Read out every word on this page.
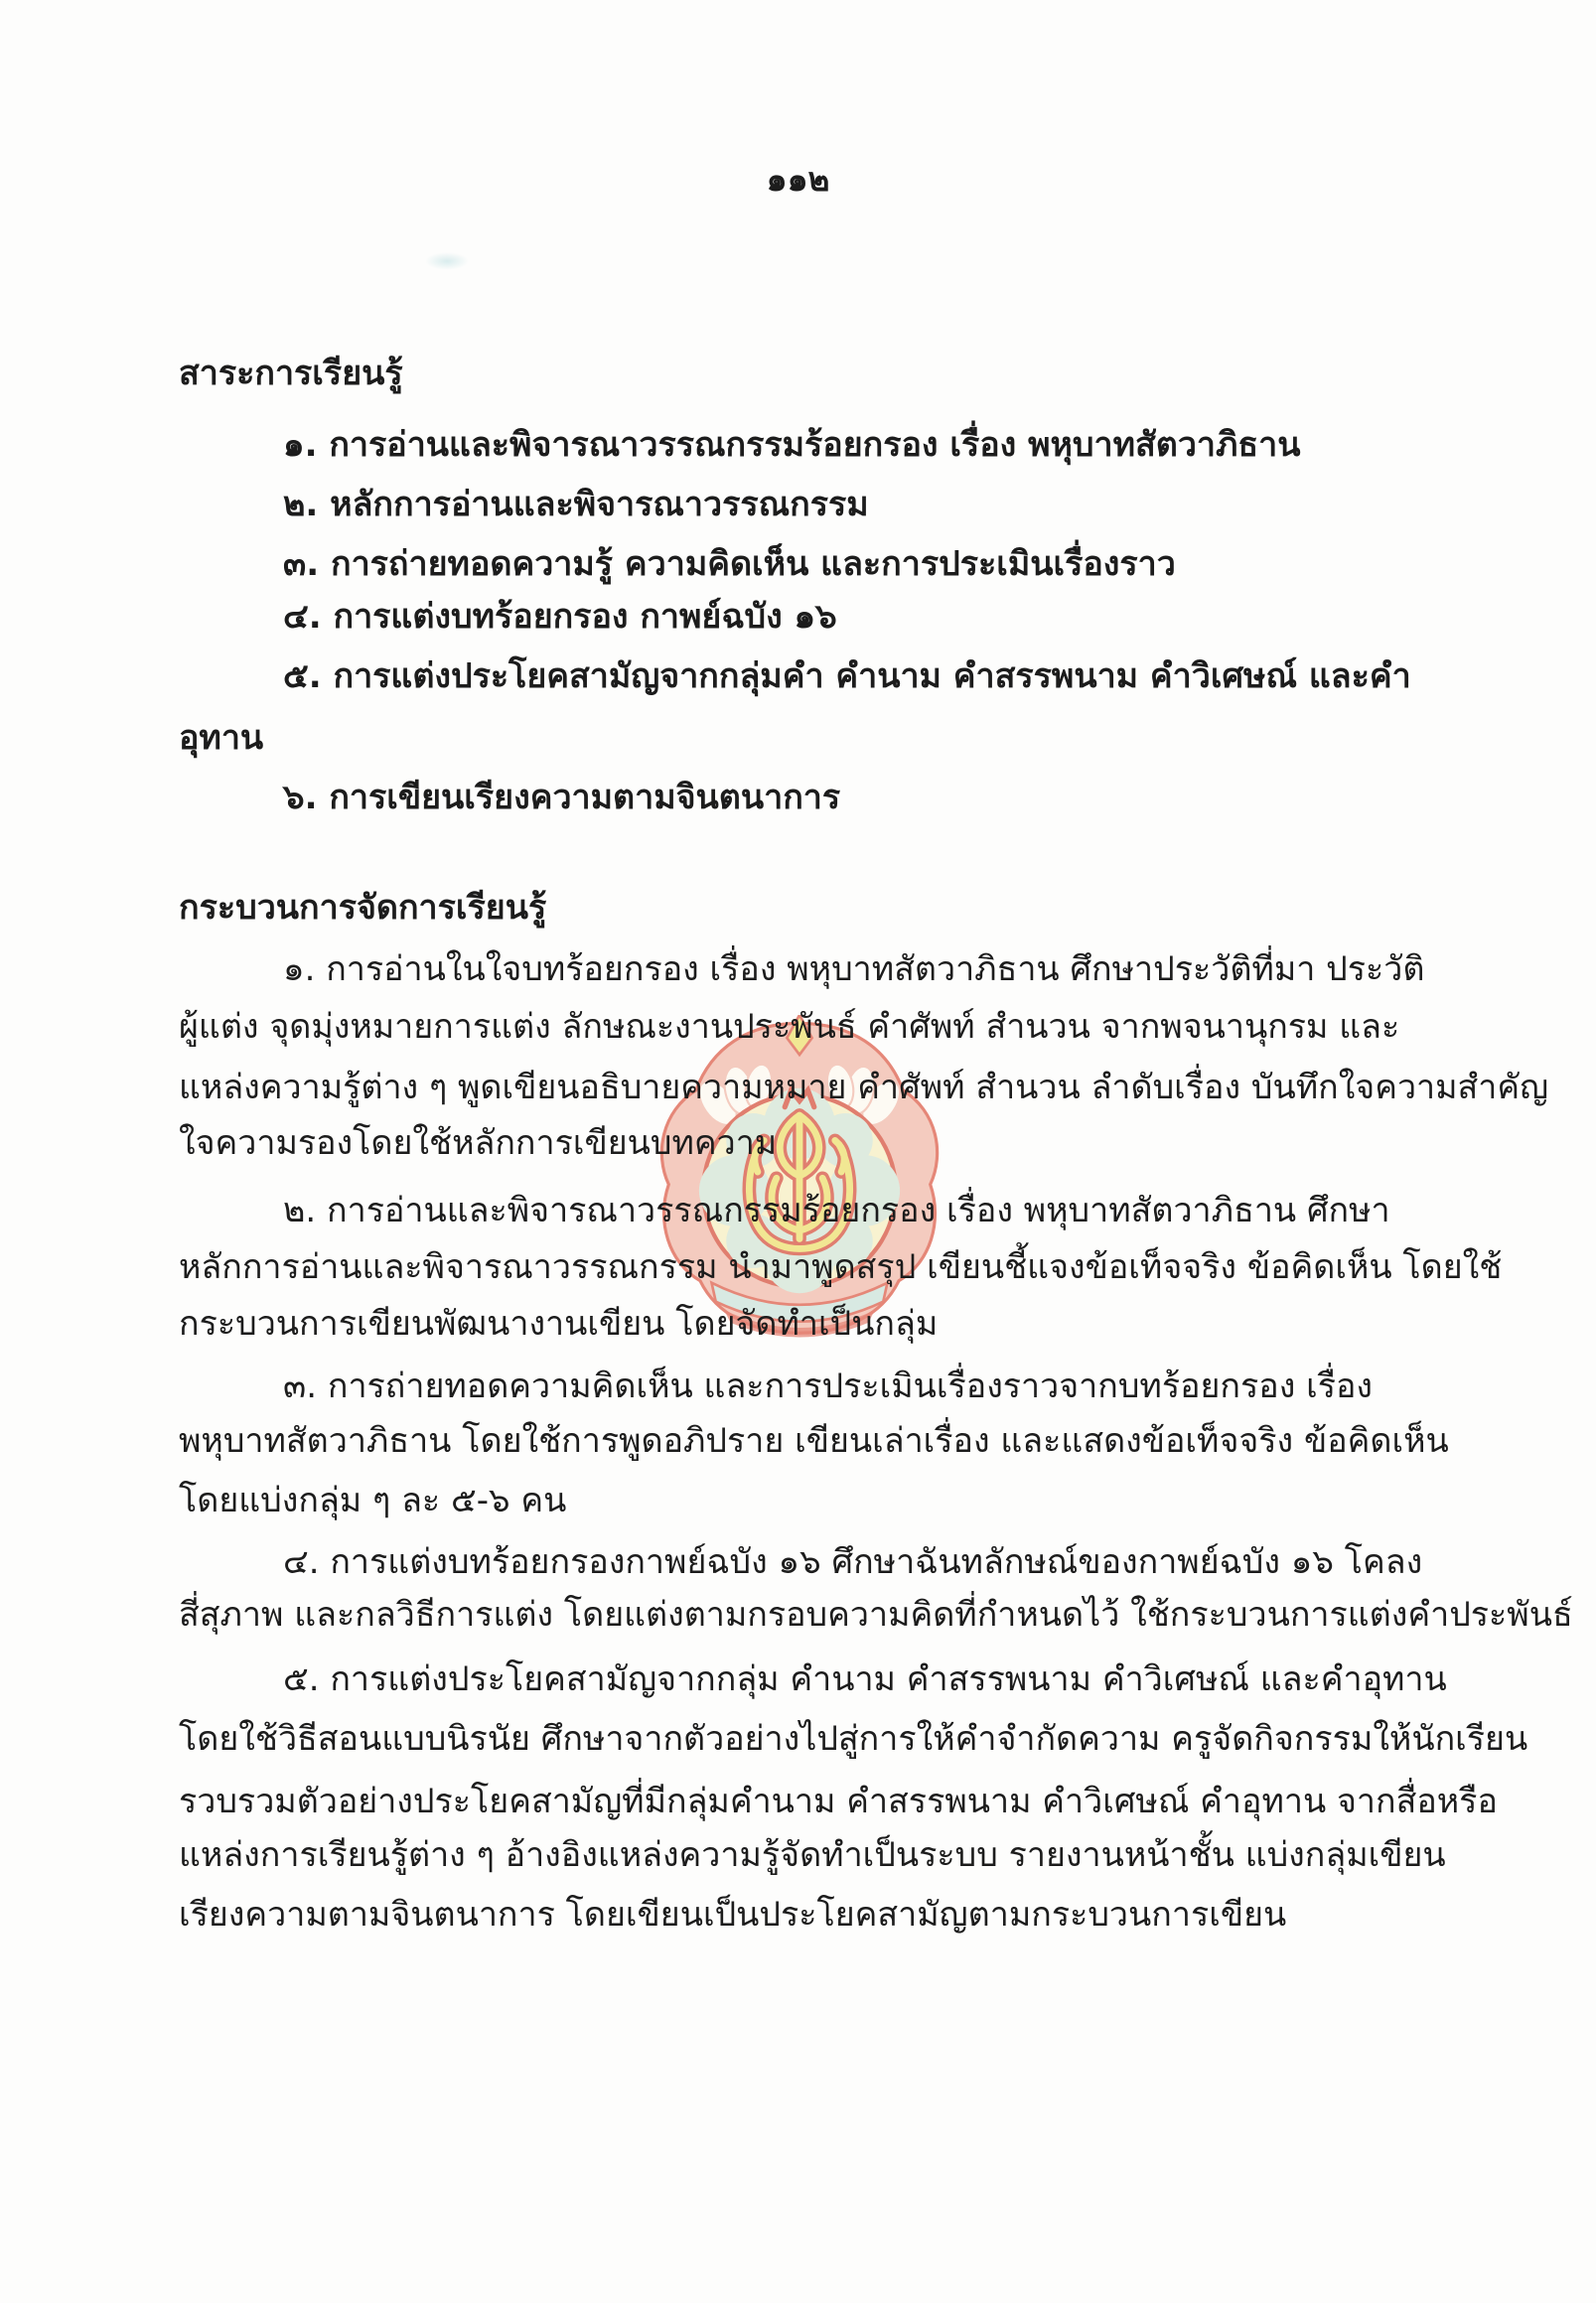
๑๑๒
สาระการเรียนรู้
๑. การอ่านและพิจารณาวรรณกรรมร้อยกรอง เรื่อง พหุบาทสัตวาภิธาน
๒. หลักการอ่านและพิจารณาวรรณกรรม
๓. การถ่ายทอดความรู้ ความคิดเห็น และการประเมินเรื่องราว
๔. การแต่งบทร้อยกรอง กาพย์ฉบัง ๑๖
๕. การแต่งประโยคสามัญจากกลุ่มคำ คำนาม คำสรรพนาม คำวิเศษณ์ และคำ
อุทาน
๖. การเขียนเรียงความตามจินตนาการ
กระบวนการจัดการเรียนรู้
๑. การอ่านในใจบทร้อยกรอง เรื่อง พหุบาทสัตวาภิธาน ศึกษาประวัติที่มา ประวัติ
ผู้แต่ง จุดมุ่งหมายการแต่ง ลักษณะงานประพันธ์ คำศัพท์ สำนวน จากพจนานุกรม และ
แหล่งความรู้ต่าง ๆ พูดเขียนอธิบายความหมาย คำศัพท์ สำนวน ลำดับเรื่อง บันทึกใจความสำคัญ
ใจความรองโดยใช้หลักการเขียนบทความ
๒. การอ่านและพิจารณาวรรณกรรมร้อยกรอง เรื่อง พหุบาทสัตวาภิธาน ศึกษา
หลักการอ่านและพิจารณาวรรณกรรม นำมาพูดสรุป เขียนชี้แจงข้อเท็จจริง ข้อคิดเห็น โดยใช้
กระบวนการเขียนพัฒนางานเขียน โดยจัดทำเป็นกลุ่ม
๓. การถ่ายทอดความคิดเห็น และการประเมินเรื่องราวจากบทร้อยกรอง เรื่อง
พหุบาทสัตวาภิธาน โดยใช้การพูดอภิปราย เขียนเล่าเรื่อง และแสดงข้อเท็จจริง ข้อคิดเห็น
โดยแบ่งกลุ่ม ๆ ละ ๕-๖ คน
๔. การแต่งบทร้อยกรองกาพย์ฉบัง ๑๖ ศึกษาฉันทลักษณ์ของกาพย์ฉบัง ๑๖ โคลง
สี่สุภาพ และกลวิธีการแต่ง โดยแต่งตามกรอบความคิดที่กำหนดไว้ ใช้กระบวนการแต่งคำประพันธ์
๕. การแต่งประโยคสามัญจากกลุ่ม คำนาม คำสรรพนาม คำวิเศษณ์ และคำอุทาน
โดยใช้วิธีสอนแบบนิรนัย ศึกษาจากตัวอย่างไปสู่การให้คำจำกัดความ ครูจัดกิจกรรมให้นักเรียน
รวบรวมตัวอย่างประโยคสามัญที่มีกลุ่มคำนาม คำสรรพนาม คำวิเศษณ์ คำอุทาน จากสื่อหรือ
แหล่งการเรียนรู้ต่าง ๆ อ้างอิงแหล่งความรู้จัดทำเป็นระบบ รายงานหน้าชั้น แบ่งกลุ่มเขียน
เรียงความตามจินตนาการ โดยเขียนเป็นประโยคสามัญตามกระบวนการเขียน
